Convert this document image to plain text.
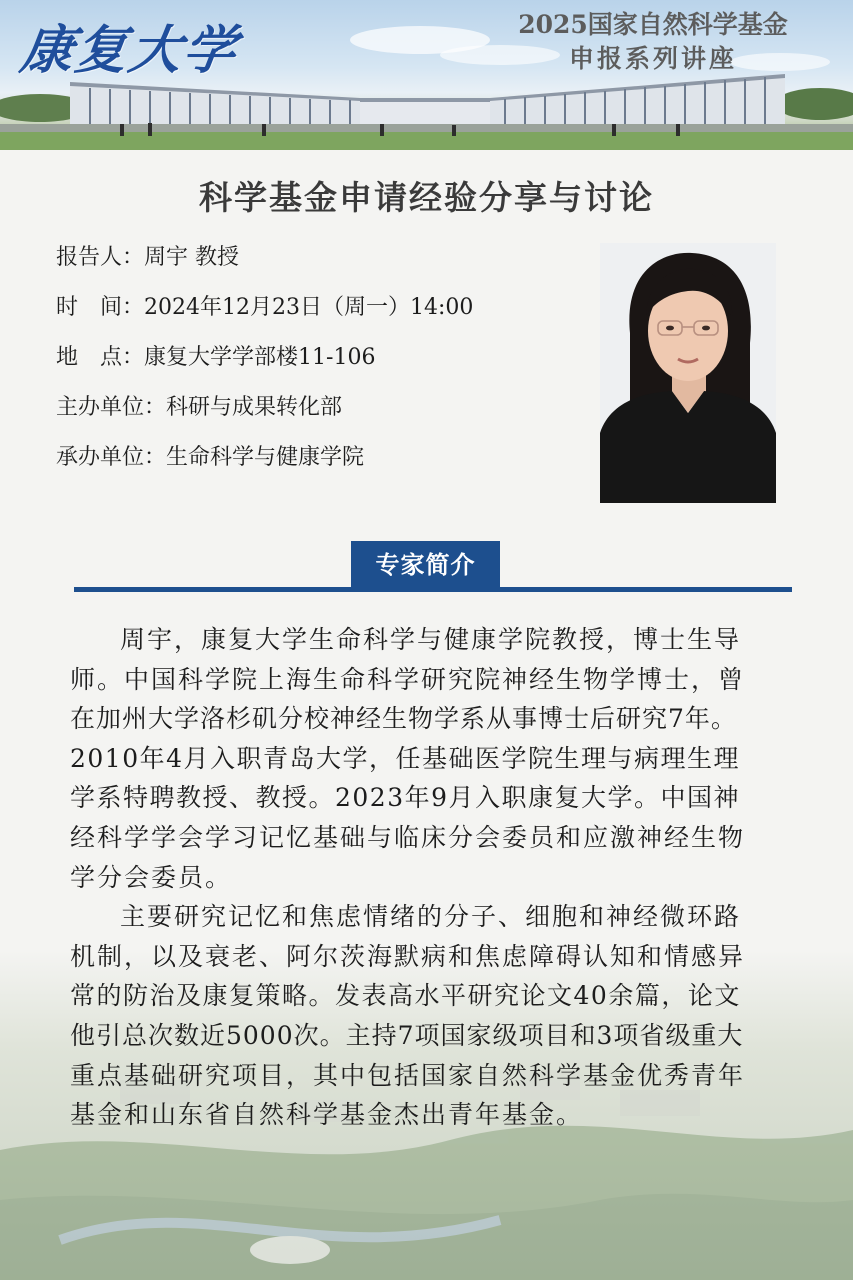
康复大学	2025国家自然科学基金
申报系列讲座
科学基金申请经验分享与讨论
报告人：周宇 教授
时　间：2024年12月23日（周一）14:00
地　点：康复大学学部楼11-106
主办单位：科研与成果转化部
承办单位：生命科学与健康学院
专家简介
周宇，康复大学生命科学与健康学院教授，博士生导
师。中国科学院上海生命科学研究院神经生物学博士，曾
在加州大学洛杉矶分校神经生物学系从事博士后研究7年。
2010年4月入职青岛大学，任基础医学院生理与病理生理
学系特聘教授、教授。2023年9月入职康复大学。中国神
经科学学会学习记忆基础与临床分会委员和应激神经生物
学分会委员。
主要研究记忆和焦虑情绪的分子、细胞和神经微环路
机制，以及衰老、阿尔茨海默病和焦虑障碍认知和情感异
常的防治及康复策略。发表高水平研究论文40余篇，论文
他引总次数近5000次。主持7项国家级项目和3项省级重大
重点基础研究项目，其中包括国家自然科学基金优秀青年
基金和山东省自然科学基金杰出青年基金。
